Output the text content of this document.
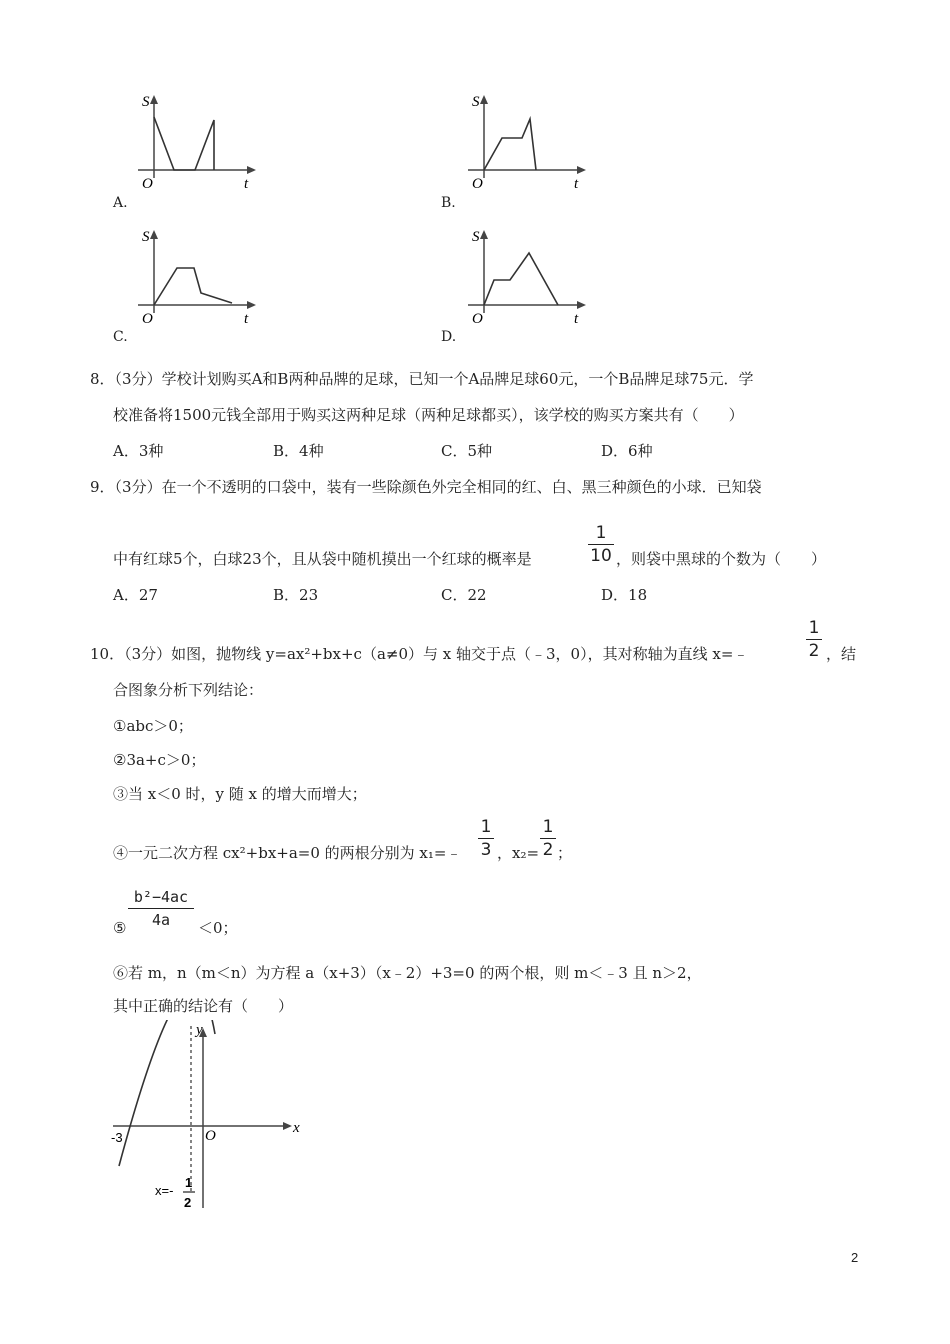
S
O	t
A.
S
O	t
B.
S
O	t
C.
S
O	t
D.
8．（3分）学校计划购买A和B两种品牌的足球，已知一个A品牌足球60元，一个B品牌足球75元．学
校准备将1500元钱全部用于购买这两种足球（两种足球都买），该学校的购买方案共有（　　）
A．3种	B．4种	C．5种	D．6种
9．（3分）在一个不透明的口袋中，装有一些除颜色外完全相同的红、白、黑三种颜色的小球．已知袋
中有红球5个，白球23个，且从袋中随机摸出一个红球的概率是
1
10 ，则袋中黑球的个数为（　　）
A．27	B．23	C．22	D．18
10．（3分）如图，抛物线 y=ax²+bx+c（a≠0）与 x 轴交于点（﹣3，0），其对称轴为直线 x=﹣
1
2 ，结
合图象分析下列结论：
①abc＞0；
②3a+c＞0；
③当 x＜0 时，y 随 x 的增大而增大；
④一元二次方程 cx²+bx+a=0 的两根分别为 x₁=﹣
1
3 ，x₂=
1
2 ；
⑤
b²−4ac
4a	＜0；
⑥若 m，n（m＜n）为方程 a（x+3）（x﹣2）+3=0 的两个根，则 m＜﹣3 且 n＞2，
其中正确的结论有（　　）
y
x
O
-3
x=-
1
2
2
